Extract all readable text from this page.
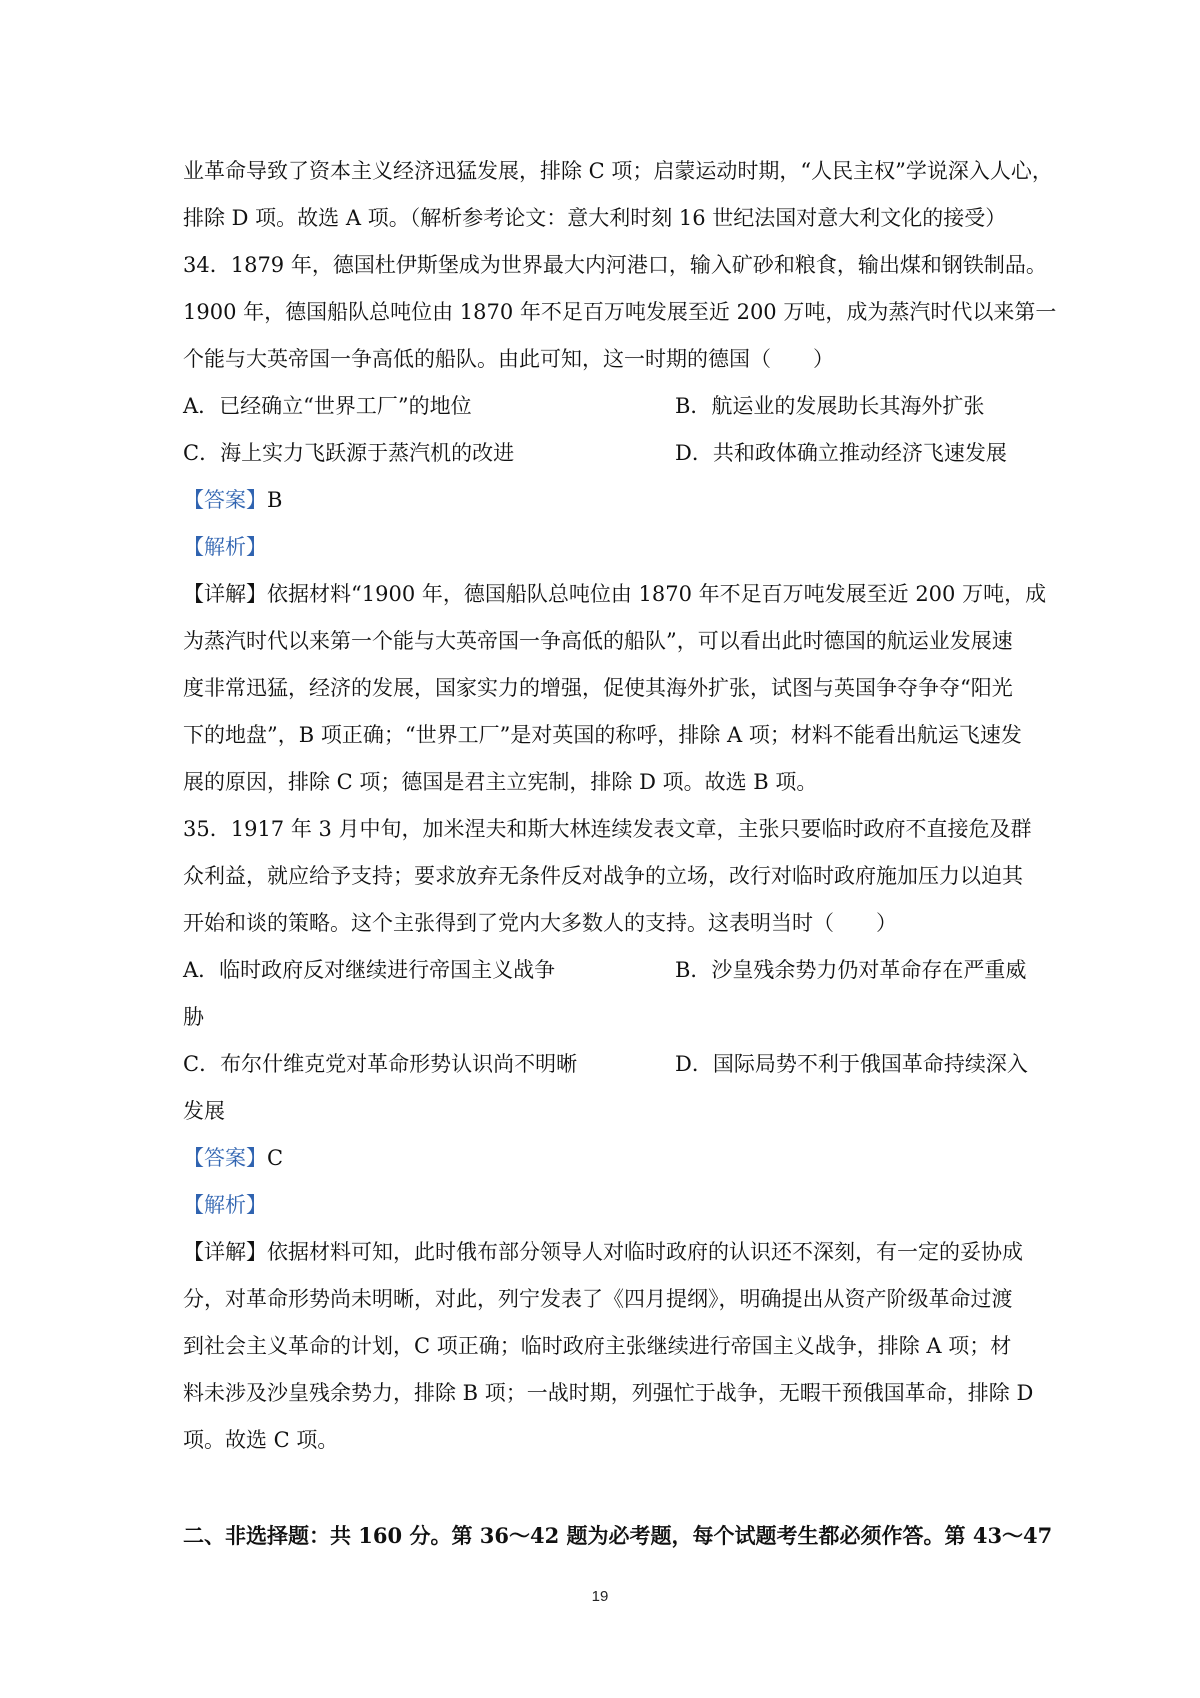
业革命导致了资本主义经济迅猛发展，排除 C 项；启蒙运动时期，“人民主权”学说深入人心，
排除 D 项。故选 A 项。（解析参考论文：意大利时刻 16 世纪法国对意大利文化的接受）
34．1879 年，德国杜伊斯堡成为世界最大内河港口，输入矿砂和粮食，输出煤和钢铁制品。
1900 年，德国船队总吨位由 1870 年不足百万吨发展至近 200 万吨，成为蒸汽时代以来第一
个能与大英帝国一争高低的船队。由此可知，这一时期的德国（　　）
A．已经确立“世界工厂”的地位	B．航运业的发展助长其海外扩张
C．海上实力飞跃源于蒸汽机的改进	D．共和政体确立推动经济飞速发展
【答案】B
【解析】
【详解】依据材料“1900 年，德国船队总吨位由 1870 年不足百万吨发展至近 200 万吨，成
为蒸汽时代以来第一个能与大英帝国一争高低的船队”，可以看出此时德国的航运业发展速
度非常迅猛，经济的发展，国家实力的增强，促使其海外扩张，试图与英国争夺争夺“阳光
下的地盘”，B 项正确；“世界工厂”是对英国的称呼，排除 A 项；材料不能看出航运飞速发
展的原因，排除 C 项；德国是君主立宪制，排除 D 项。故选 B 项。
35．1917 年 3 月中旬，加米涅夫和斯大林连续发表文章，主张只要临时政府不直接危及群
众利益，就应给予支持；要求放弃无条件反对战争的立场，改行对临时政府施加压力以迫其
开始和谈的策略。这个主张得到了党内大多数人的支持。这表明当时（　　）
A．临时政府反对继续进行帝国主义战争	B．沙皇残余势力仍对革命存在严重威
胁
C．布尔什维克党对革命形势认识尚不明晰	D．国际局势不利于俄国革命持续深入
发展
【答案】C
【解析】
【详解】依据材料可知，此时俄布部分领导人对临时政府的认识还不深刻，有一定的妥协成
分，对革命形势尚未明晰，对此，列宁发表了《四月提纲》，明确提出从资产阶级革命过渡
到社会主义革命的计划，C 项正确；临时政府主张继续进行帝国主义战争，排除 A 项；材
料未涉及沙皇残余势力，排除 B 项；一战时期，列强忙于战争，无暇干预俄国革命，排除 D
项。故选 C 项。
二、非选择题：共 160 分。第 36～42 题为必考题，每个试题考生都必须作答。第 43～47
19
